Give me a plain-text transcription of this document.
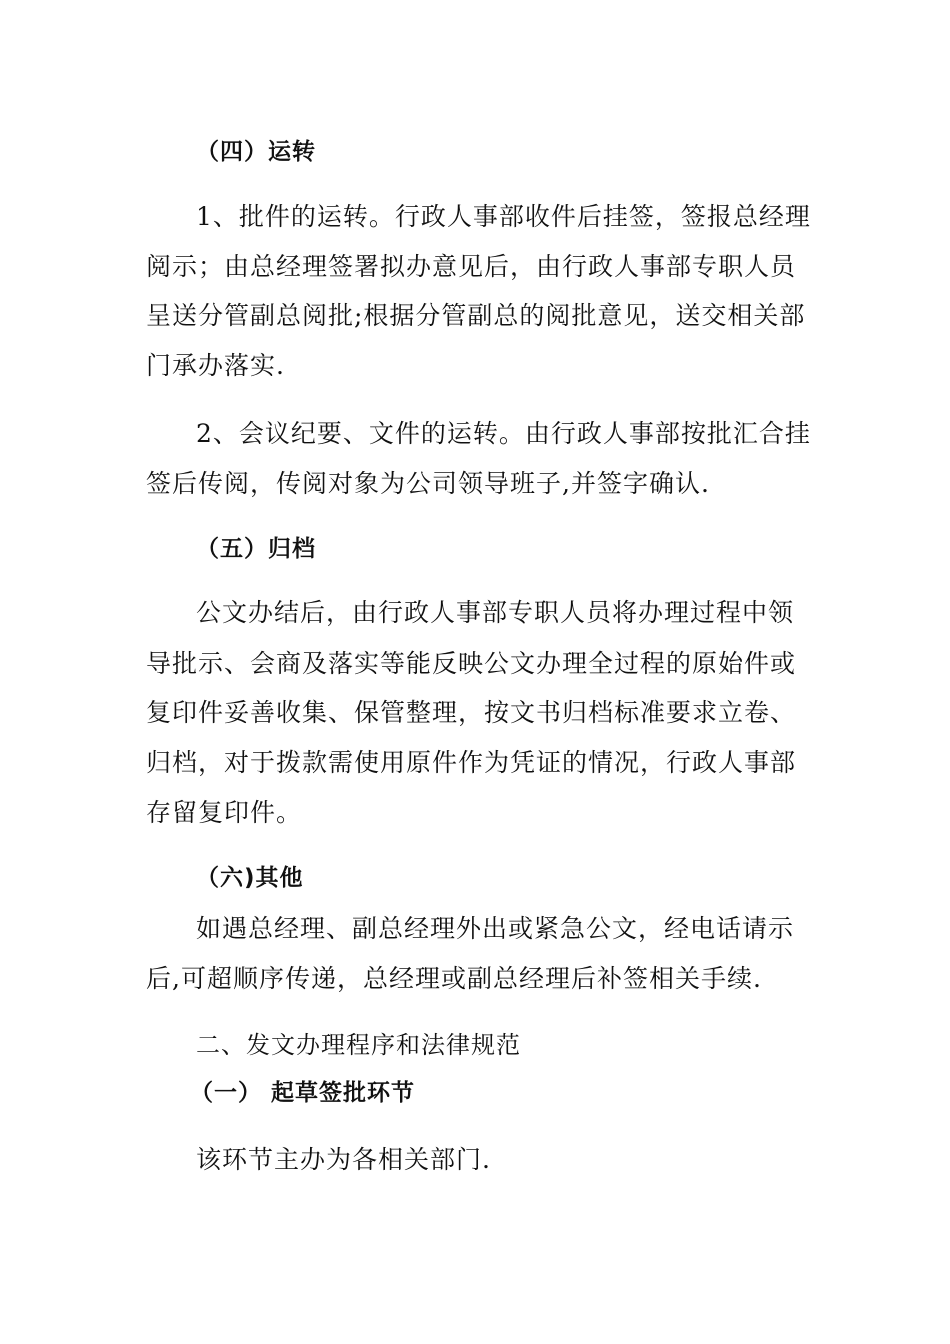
（四）运转
1、批件的运转。行政人事部收件后挂签，签报总经理
阅示；由总经理签署拟办意见后，由行政人事部专职人员
呈送分管副总阅批;根据分管副总的阅批意见，送交相关部
门承办落实.
2、会议纪要、文件的运转。由行政人事部按批汇合挂
签后传阅，传阅对象为公司领导班子,并签字确认.
（五）归档
公文办结后，由行政人事部专职人员将办理过程中领
导批示、会商及落实等能反映公文办理全过程的原始件或
复印件妥善收集、保管整理，按文书归档标准要求立卷、
归档，对于拨款需使用原件作为凭证的情况，行政人事部
存留复印件。
（六)其他
如遇总经理、副总经理外出或紧急公文，经电话请示
后,可超顺序传递，总经理或副总经理后补签相关手续.
二、发文办理程序和法律规范
（一） 起草签批环节
该环节主办为各相关部门.
